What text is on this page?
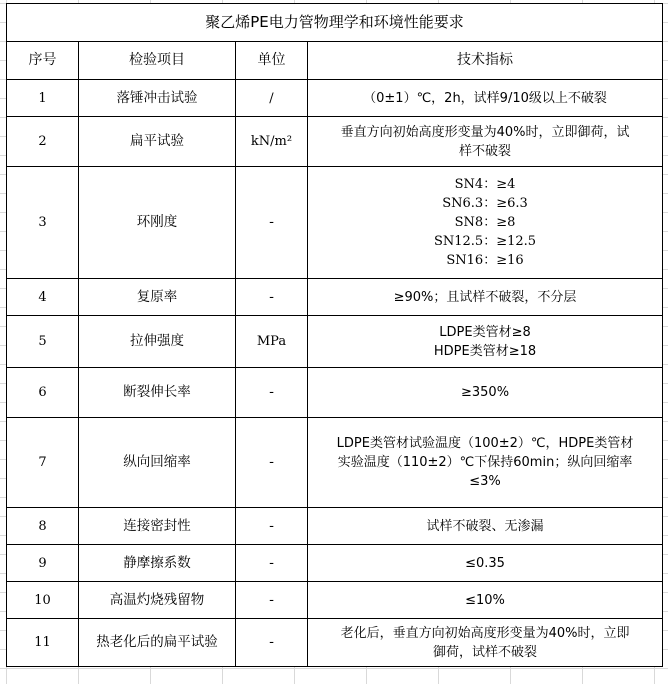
聚乙烯PE电力管物理学和环境性能要求			
序号	检验项目	单位	技术指标
1	落锤冲击试验	/	（0±1）℃，2h，试样9/10级以上不破裂

2	扁平试验	kN/m²	垂直方向初始高度形变量为40%时，立即御荷，试
样不破裂

3	环刚度	-	SN4：≥4
SN6.3：≥6.3
SN8：≥8
SN12.5：≥12.5
SN16：≥16

4	复原率	-	≥90%；且试样不破裂，不分层

5	拉伸强度	MPa	LDPE类管材≥8
HDPE类管材≥18

6	断裂伸长率	-	≥350%

7	纵向回缩率	-	LDPE类管材试验温度（100±2）℃，HDPE类管材
实验温度（110±2）℃下保持60min；纵向回缩率
≤3%

8	连接密封性	-	试样不破裂、无渗漏

9	静摩擦系数	-	≤0.35

10	高温灼烧残留物	-	≤10%

11	热老化后的扁平试验	-	老化后，垂直方向初始高度形变量为40%时，立即
御荷，试样不破裂
